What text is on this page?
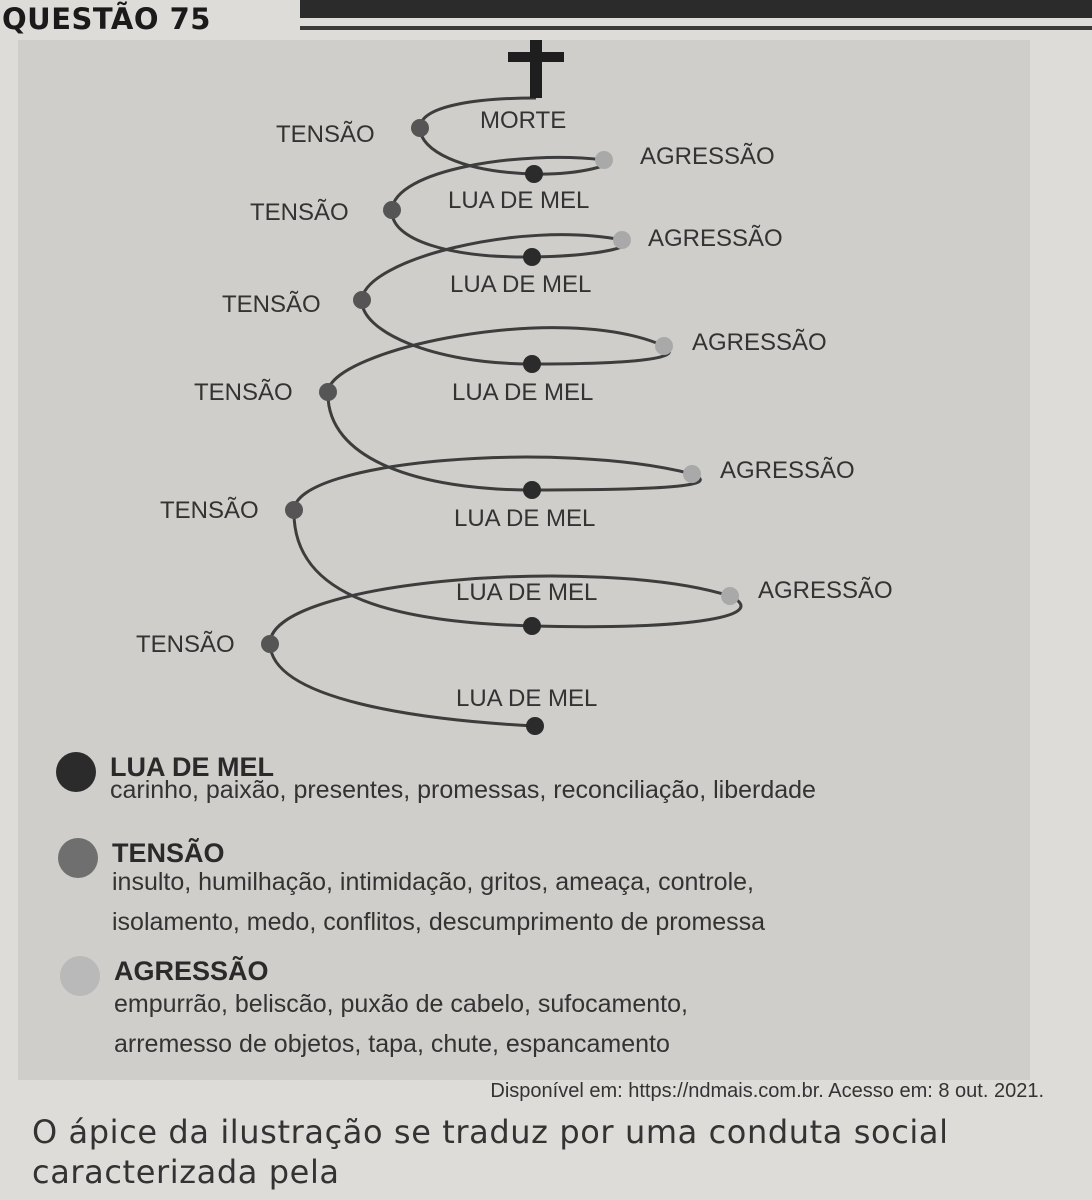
QUESTÃO 75
MORTE
TENSÃO
AGRESSÃO
LUA DE MEL
TENSÃO
AGRESSÃO
LUA DE MEL
TENSÃO
AGRESSÃO
LUA DE MEL
TENSÃO
AGRESSÃO
LUA DE MEL
TENSÃO
LUA DE MEL	AGRESSÃO
TENSÃO
LUA DE MEL
LUA DE MEL

carinho, paixão, presentes, promessas, reconciliação, liberdade

TENSÃO

insulto, humilhação, intimidação, gritos, ameaça, controle,
isolamento, medo, conflitos, descumprimento de promessa

AGRESSÃO

empurrão, beliscão, puxão de cabelo, sufocamento,
arremesso de objetos, tapa, chute, espancamento

Disponível em: https://ndmais.com.br. Acesso em: 8 out. 2021.

O ápice da ilustração se traduz por uma conduta social
caracterizada pela
